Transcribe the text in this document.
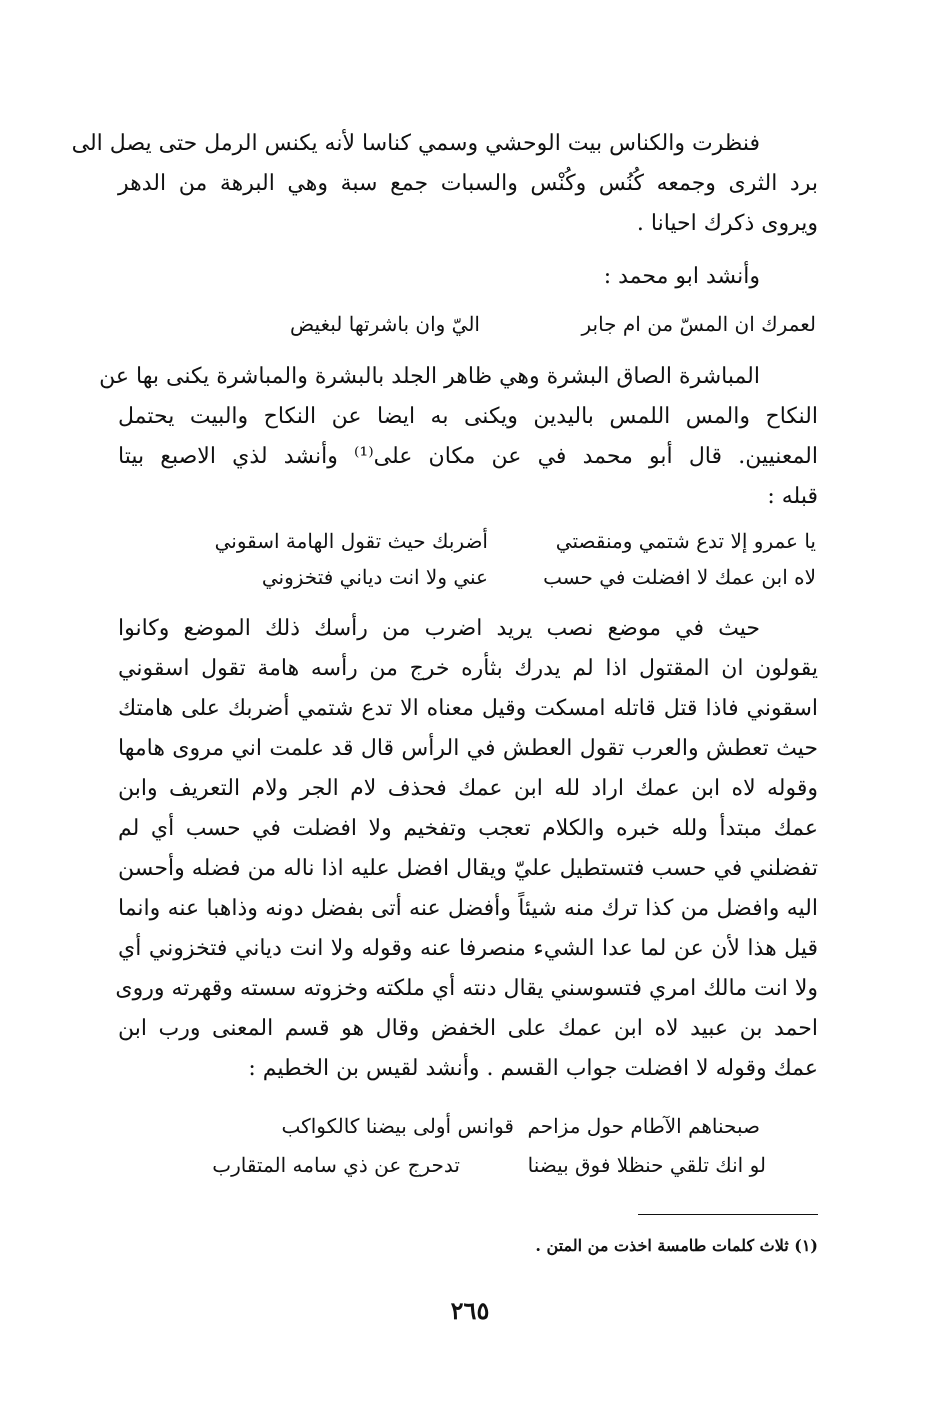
فنظرت والكناس بيت الوحشي وسمي كناسا لأنه يكنس الرمل حتى يصل الى
برد الثرى وجمعه كُنُس وكُنْس والسبات جمع سبة وهي البرهة من الدهر
ويروى ذكرك احيانا .

وأنشد ابو محمد :

لعمرك ان المسّ من ام جابر
اليّ وان باشرتها لبغيض

المباشرة الصاق البشرة وهي ظاهر الجلد بالبشرة والمباشرة يكنى بها عن
النكاح والمس اللمس باليدين ويكنى به ايضا عن النكاح والبيت يحتمل
المعنيين. قال أبو محمد في عن مكان على⁽¹⁾ وأنشد لذي الاصبع بيتا
قبله :

يا عمرو إلا تدع شتمي ومنقصتي
أضربك حيث تقول الهامة اسقوني
لاه ابن عمك لا افضلت في حسب
عني ولا انت دياني فتخزوني

حيث في موضع نصب يريد اضرب من رأسك ذلك الموضع وكانوا
يقولون ان المقتول اذا لم يدرك بثأره خرج من رأسه هامة تقول اسقوني
اسقوني فاذا قتل قاتله امسكت وقيل معناه الا تدع شتمي أضربك على هامتك
حيث تعطش والعرب تقول العطش في الرأس قال قد علمت اني مروى هامها
وقوله لاه ابن عمك اراد لله ابن عمك فحذف لام الجر ولام التعريف وابن
عمك مبتدأ ولله خبره والكلام تعجب وتفخيم ولا افضلت في حسب أي لم
تفضلني في حسب فتستطيل عليّ ويقال افضل عليه اذا ناله من فضله وأحسن
اليه وافضل من كذا ترك منه شيئاً وأفضل عنه أتى بفضل دونه وذاهبا عنه وانما
قيل هذا لأن عن لما عدا الشيء منصرفا عنه وقوله ولا انت دياني فتخزوني أي
ولا انت مالك امري فتسوسني يقال دنته أي ملكته وخزوته سسته وقهرته وروى
احمد بن عبيد لاه ابن عمك على الخفض وقال هو قسم المعنى ورب ابن
عمك وقوله لا افضلت جواب القسم . وأنشد لقيس بن الخطيم :

صبحناهم الآطام حول مزاحم
قوانس أولى بيضنا كالكواكب
لو انك تلقي حنظلا فوق بيضنا
تدحرج عن ذي سامه المتقارب
(١) ثلاث كلمات طامسة اخذت من المتن .
٢٦٥
